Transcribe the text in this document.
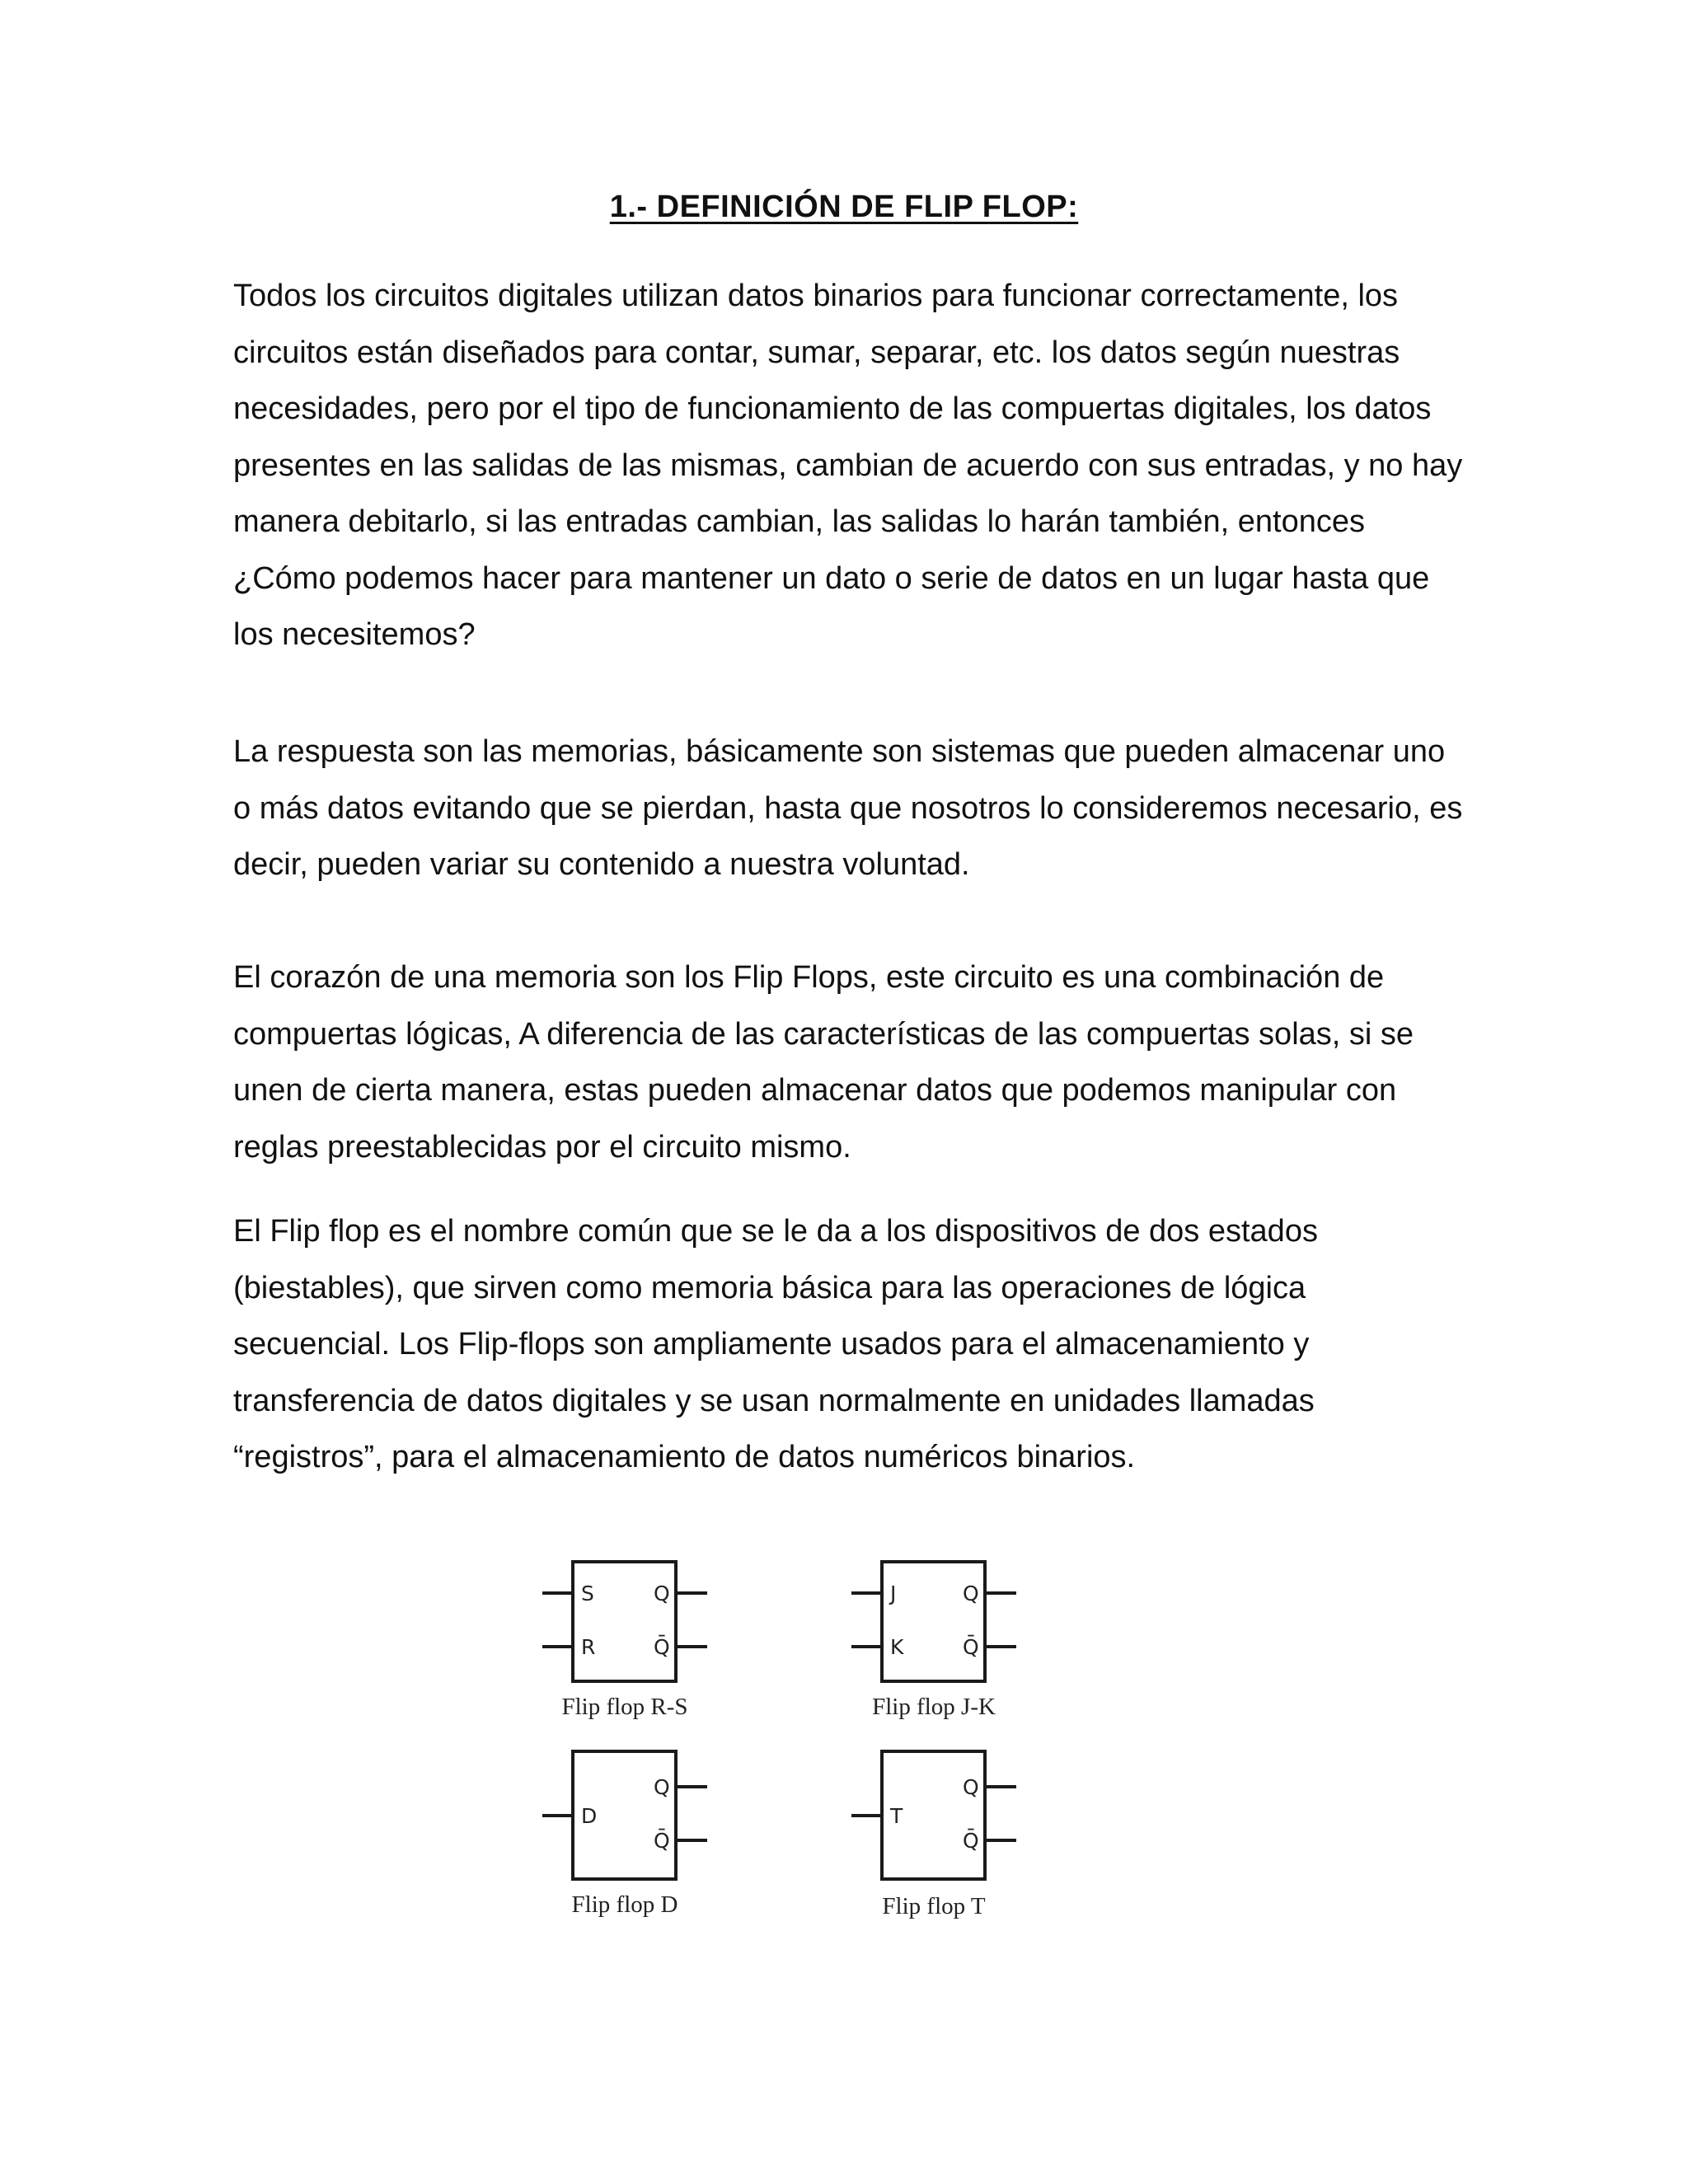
1.- DEFINICIÓN DE FLIP FLOP:

Todos los circuitos digitales utilizan datos binarios para funcionar correctamente, los circuitos están diseñados para contar, sumar, separar, etc. los datos según nuestras necesidades, pero por el tipo de funcionamiento de las compuertas digitales, los datos presentes en las salidas de las mismas, cambian de acuerdo con sus entradas, y no hay manera debitarlo, si las entradas cambian, las salidas lo harán también, entonces ¿Cómo podemos hacer para mantener un dato o serie de datos en un lugar hasta que los necesitemos?

La respuesta son las memorias, básicamente son sistemas que pueden almacenar uno o más datos evitando que se pierdan, hasta que nosotros lo consideremos necesario, es decir, pueden variar su contenido a nuestra voluntad.

El corazón de una memoria son los Flip Flops, este circuito es una combinación de compuertas lógicas, A diferencia de las características de las compuertas solas, si se unen de cierta manera, estas pueden almacenar datos que podemos manipular con reglas preestablecidas por el circuito mismo.

El Flip flop es el nombre común que se le da a los dispositivos de dos estados (biestables), que sirven como memoria básica para las operaciones de lógica secuencial. Los Flip-flops son ampliamente usados para el almacenamiento y transferencia de datos digitales y se usan normalmente en unidades llamadas “registros”, para el almacenamiento de datos numéricos binarios.

S
R
Q
Q̄
Flip flop R-S
J
K
Q
Q̄
Flip flop J-K
D
Q
Q̄
Flip flop D
T
Q
Q̄
Flip flop T
